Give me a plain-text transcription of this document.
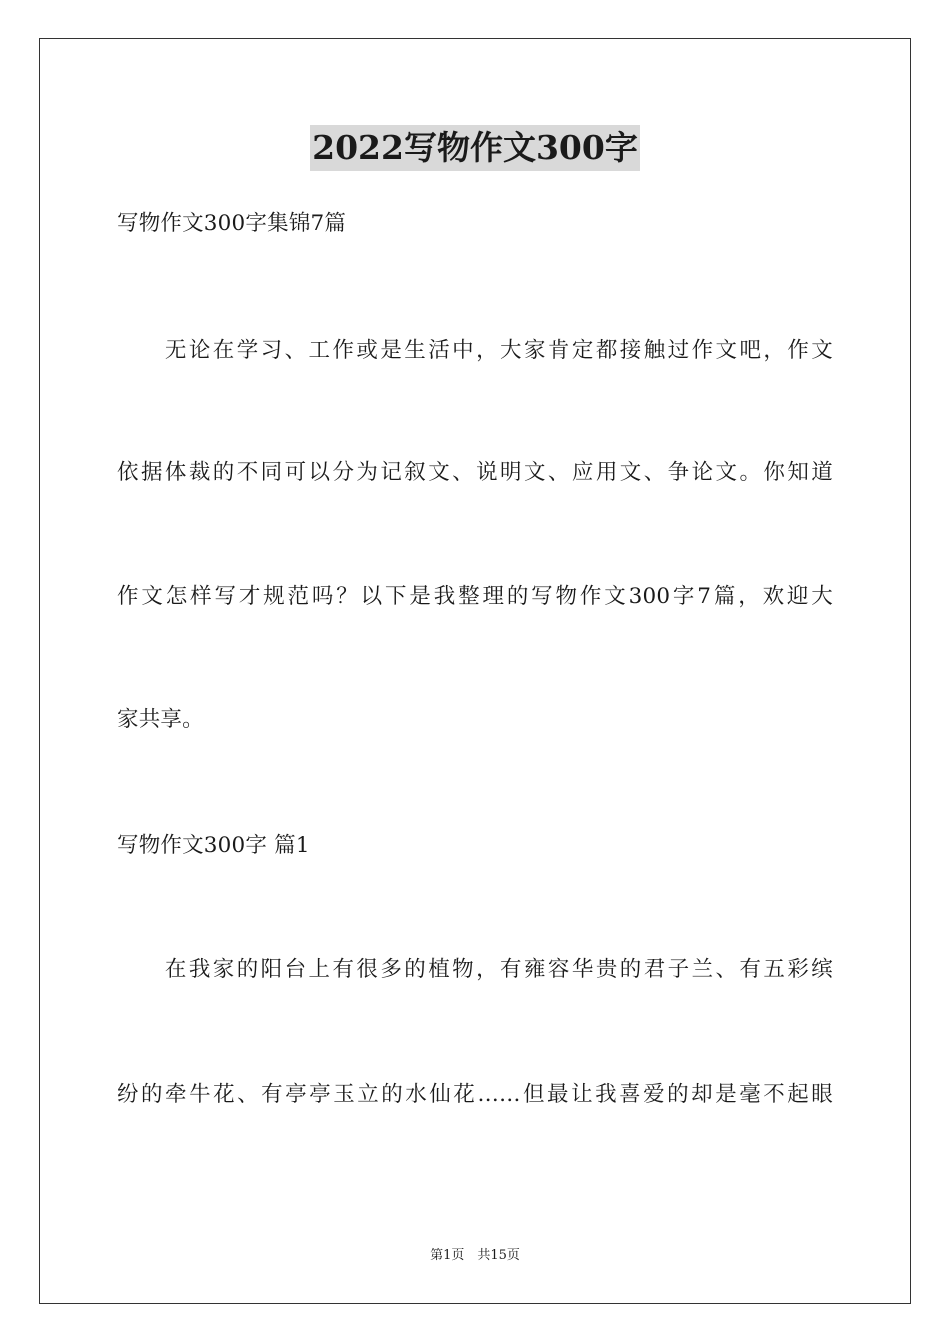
2022写物作文300字
写物作文300字集锦7篇
　　无论在学习、工作或是生活中，大家肯定都接触过作文吧，作文
依据体裁的不同可以分为记叙文、说明文、应用文、争论文。你知道
作文怎样写才规范吗？以下是我整理的写物作文300字7篇，欢迎大
家共享。
写物作文300字 篇1
　　在我家的阳台上有很多的植物，有雍容华贵的君子兰、有五彩缤
纷的牵牛花、有亭亭玉立的水仙花……但最让我喜爱的却是毫不起眼
第1页　共15页
